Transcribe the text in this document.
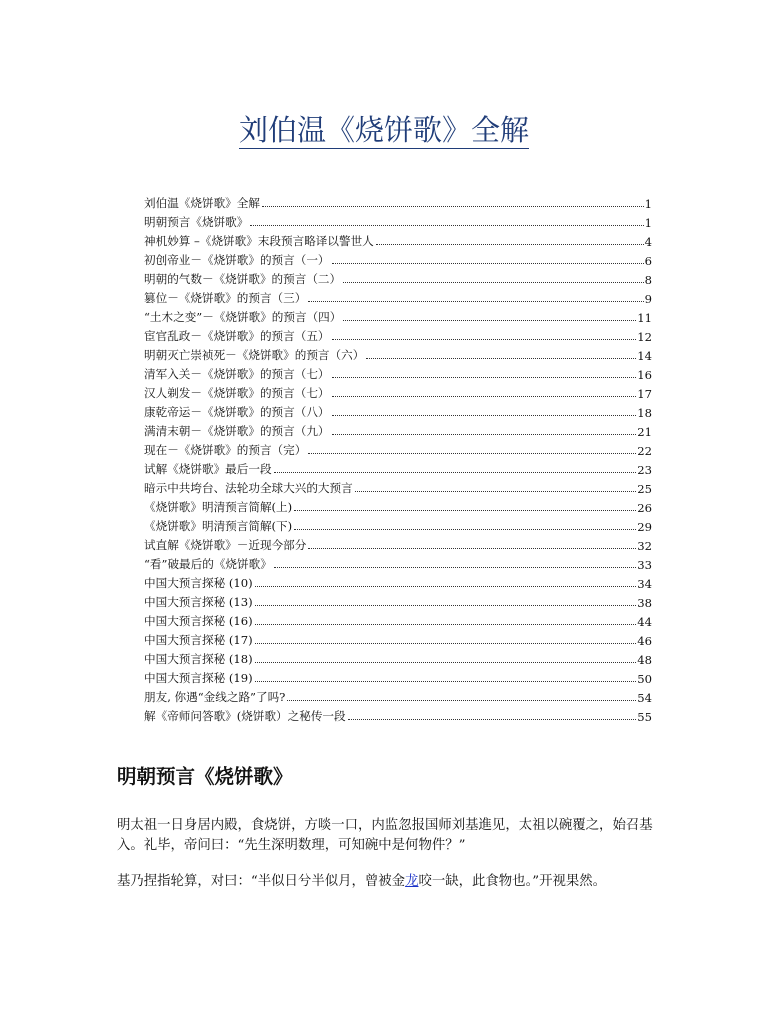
刘伯温《烧饼歌》全解
刘伯温《烧饼歌》全解	1
明朝预言《烧饼歌》	1
神机妙算 –《烧饼歌》末段预言略译以警世人	4
初创帝业－《烧饼歌》的预言（一）	6
明朝的气数－《烧饼歌》的预言（二）	8
篡位－《烧饼歌》的预言（三）	9
“土木之变”－《烧饼歌》的预言（四）	11
宦官乱政－《烧饼歌》的预言（五）	12
明朝灭亡崇祯死－《烧饼歌》的预言（六）	14
清军入关－《烧饼歌》的预言（七）	16
汉人剃发－《烧饼歌》的预言（七）	17
康乾帝运－《烧饼歌》的预言（八）	18
满清末朝－《烧饼歌》的预言（九）	21
现在－《烧饼歌》的预言（完）	22
试解《烧饼歌》最后一段	23
暗示中共垮台、法轮功全球大兴的大预言	25
《烧饼歌》明清预言简解(上)	26
《烧饼歌》明清预言简解(下)	29
试直解《烧饼歌》－近现今部分	32
“看”破最后的《烧饼歌》	33
中国大预言探秘 (10)	34
中国大预言探秘 (13)	38
中国大预言探秘 (16)	44
中国大预言探秘 (17)	46
中国大预言探秘 (18)	48
中国大预言探秘 (19)	50
朋友, 你遇“金线之路”了吗?	54
解《帝师问答歌》(烧饼歌）之秘传一段	55
明朝预言《烧饼歌》

明太祖一日身居内殿，食烧饼，方啖一口，内监忽报国师刘基進见，太祖以碗覆之，始召基入。礼毕，帝问曰：“先生深明数理，可知碗中是何物件？”

基乃捏指轮算，对曰：“半似日兮半似月，曾被金龙咬一缺，此食物也。”开视果然。
